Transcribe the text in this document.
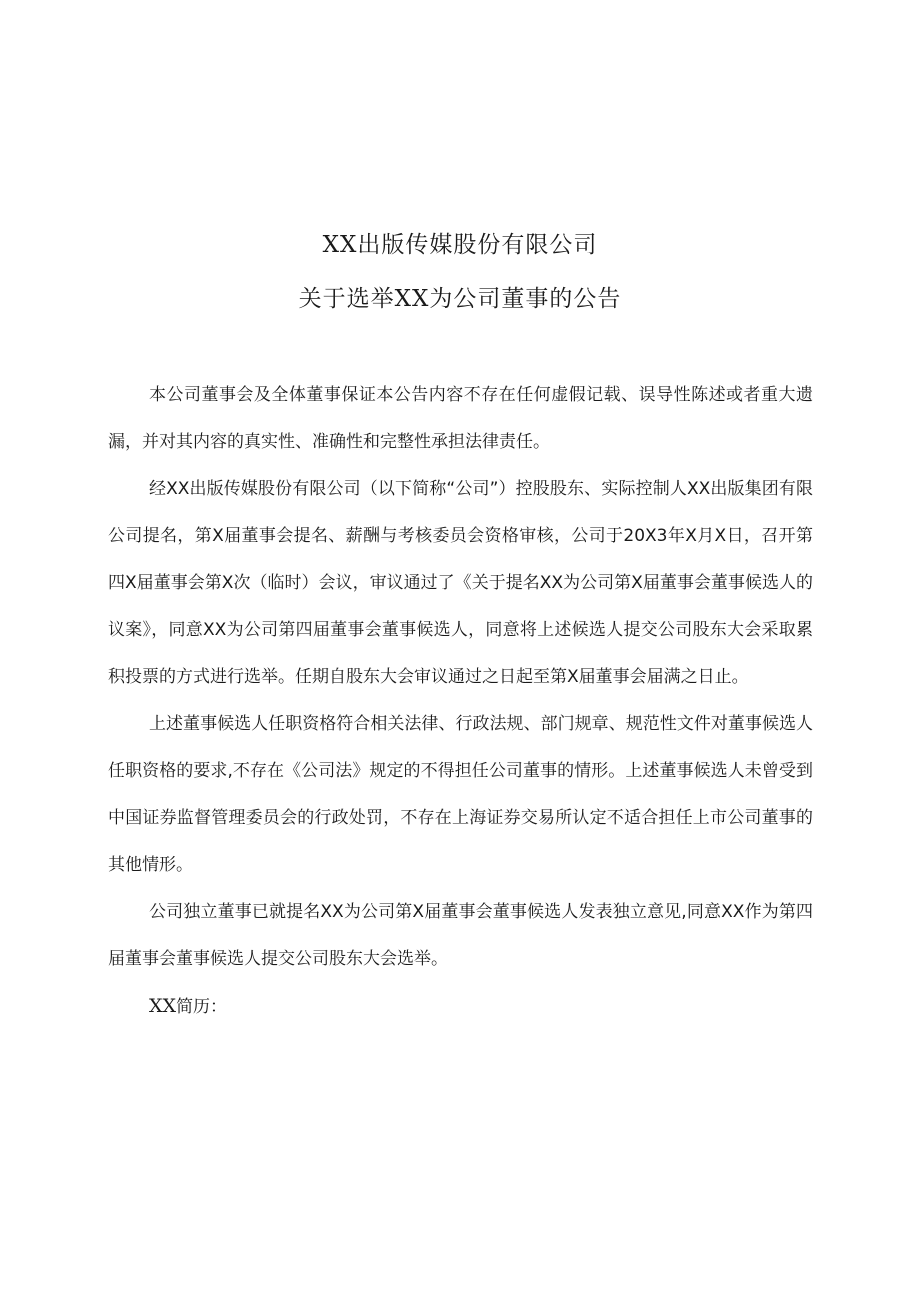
XX出版传媒股份有限公司
关于选举XX为公司董事的公告

本公司董事会及全体董事保证本公告内容不存在任何虚假记载、误导性陈述或者重大遗漏，并对其内容的真实性、准确性和完整性承担法律责任。

经XX出版传媒股份有限公司（以下简称“公司”）控股股东、实际控制人XX出版集团有限公司提名，第X届董事会提名、薪酬与考核委员会资格审核，公司于20X3年X月X日，召开第四X届董事会第X次（临时）会议，审议通过了《关于提名XX为公司第X届董事会董事候选人的议案》，同意XX为公司第四届董事会董事候选人，同意将上述候选人提交公司股东大会采取累积投票的方式进行选举。任期自股东大会审议通过之日起至第X届董事会届满之日止。

上述董事候选人任职资格符合相关法律、行政法规、部门规章、规范性文件对董事候选人任职资格的要求,不存在《公司法》规定的不得担任公司董事的情形。上述董事候选人未曾受到中国证券监督管理委员会的行政处罚，不存在上海证券交易所认定不适合担任上市公司董事的其他情形。

公司独立董事已就提名XX为公司第X届董事会董事候选人发表独立意见,同意XX作为第四届董事会董事候选人提交公司股东大会选举。

XX简历：
